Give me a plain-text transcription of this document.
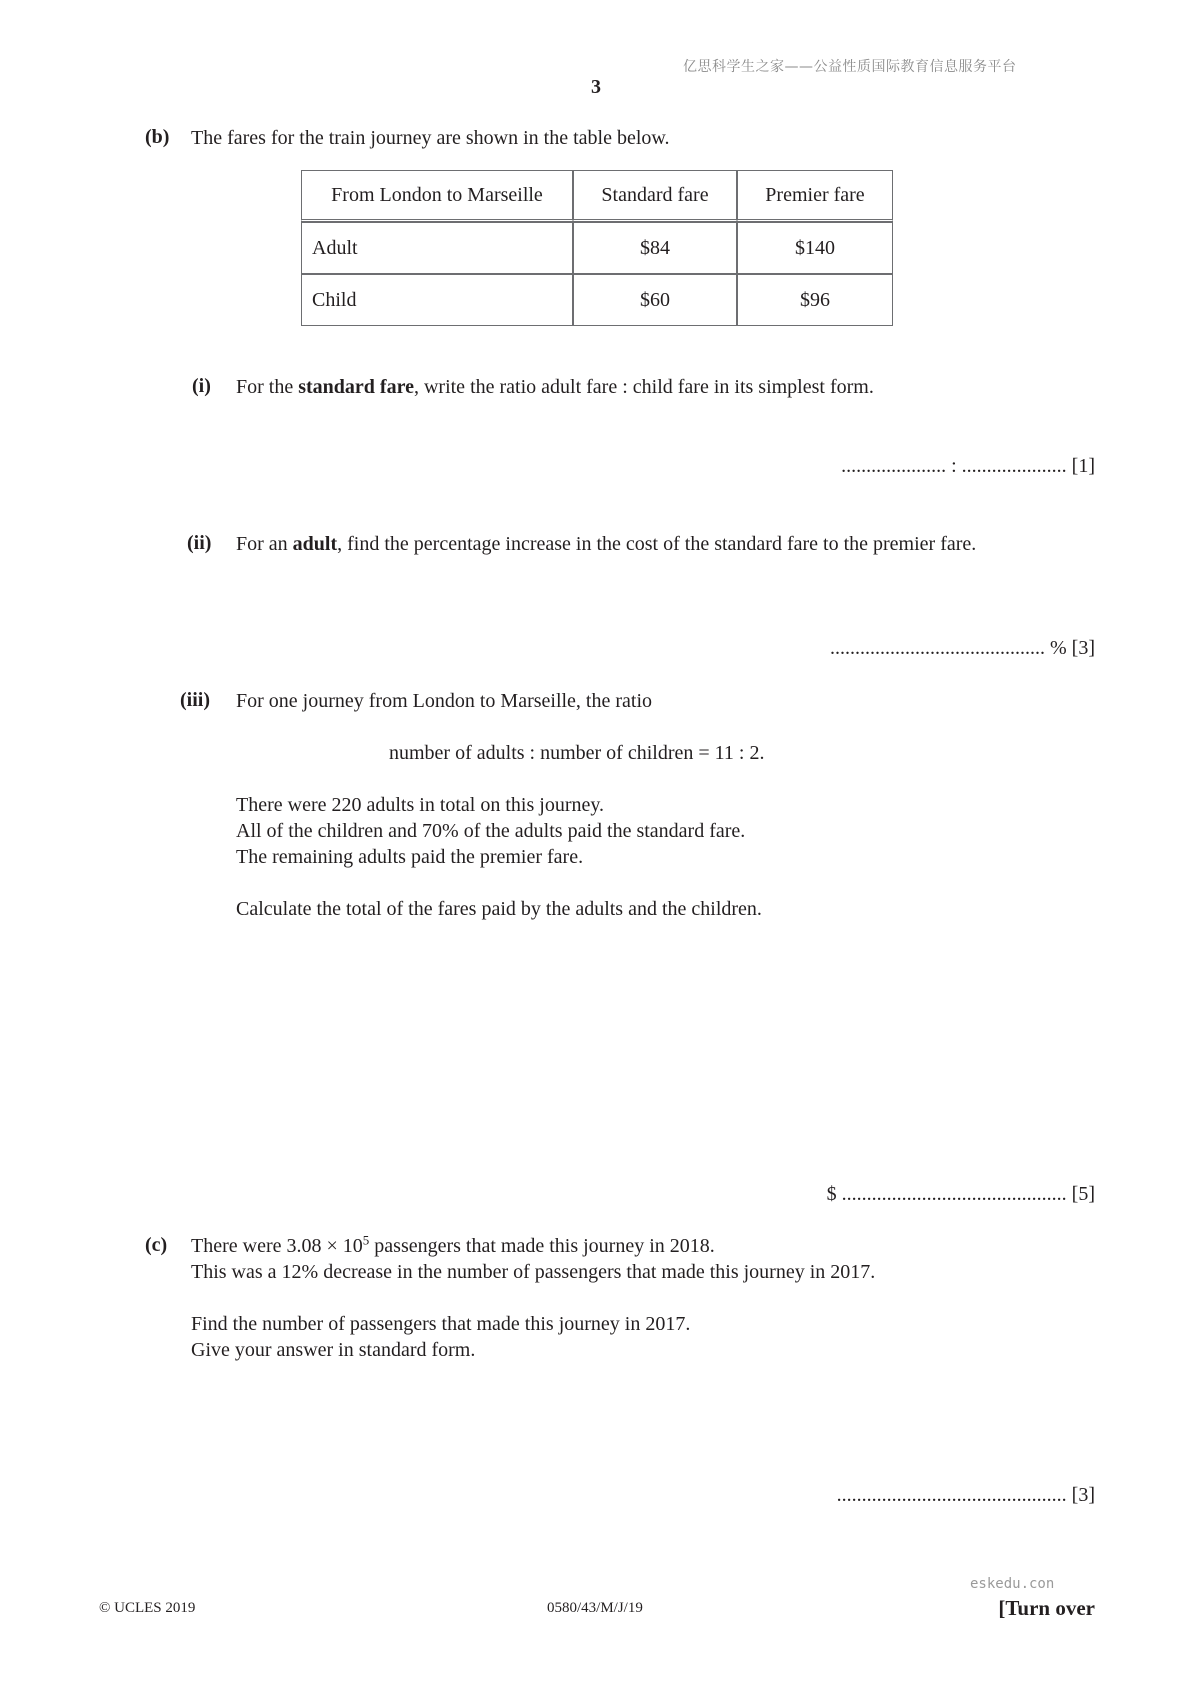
亿思科学生之家——公益性质国际教育信息服务平台
3
(b) The fares for the train journey are shown in the table below.
From London to Marseille	Standard fare	Premier fare
Adult	$84	$140
Child	$60	$96
(i) For the standard fare, write the ratio adult fare : child fare in its simplest form.
..................... : ..................... [1]
(ii) For an adult, find the percentage increase in the cost of the standard fare to the premier fare.
........................................... % [3]
(iii) For one journey from London to Marseille, the ratio
number of adults : number of children = 11 : 2.
There were 220 adults in total on this journey.
All of the children and 70% of the adults paid the standard fare.
The remaining adults paid the premier fare.
Calculate the total of the fares paid by the adults and the children.
$ ............................................. [5]
(c) There were $3.08 \times 10^5$ passengers that made this journey in 2018.
This was a 12% decrease in the number of passengers that made this journey in 2017.
Find the number of passengers that made this journey in 2017.
Give your answer in standard form.
.............................................. [3]
eskedu.con
© UCLES 2019	0580/43/M/J/19	[Turn over
